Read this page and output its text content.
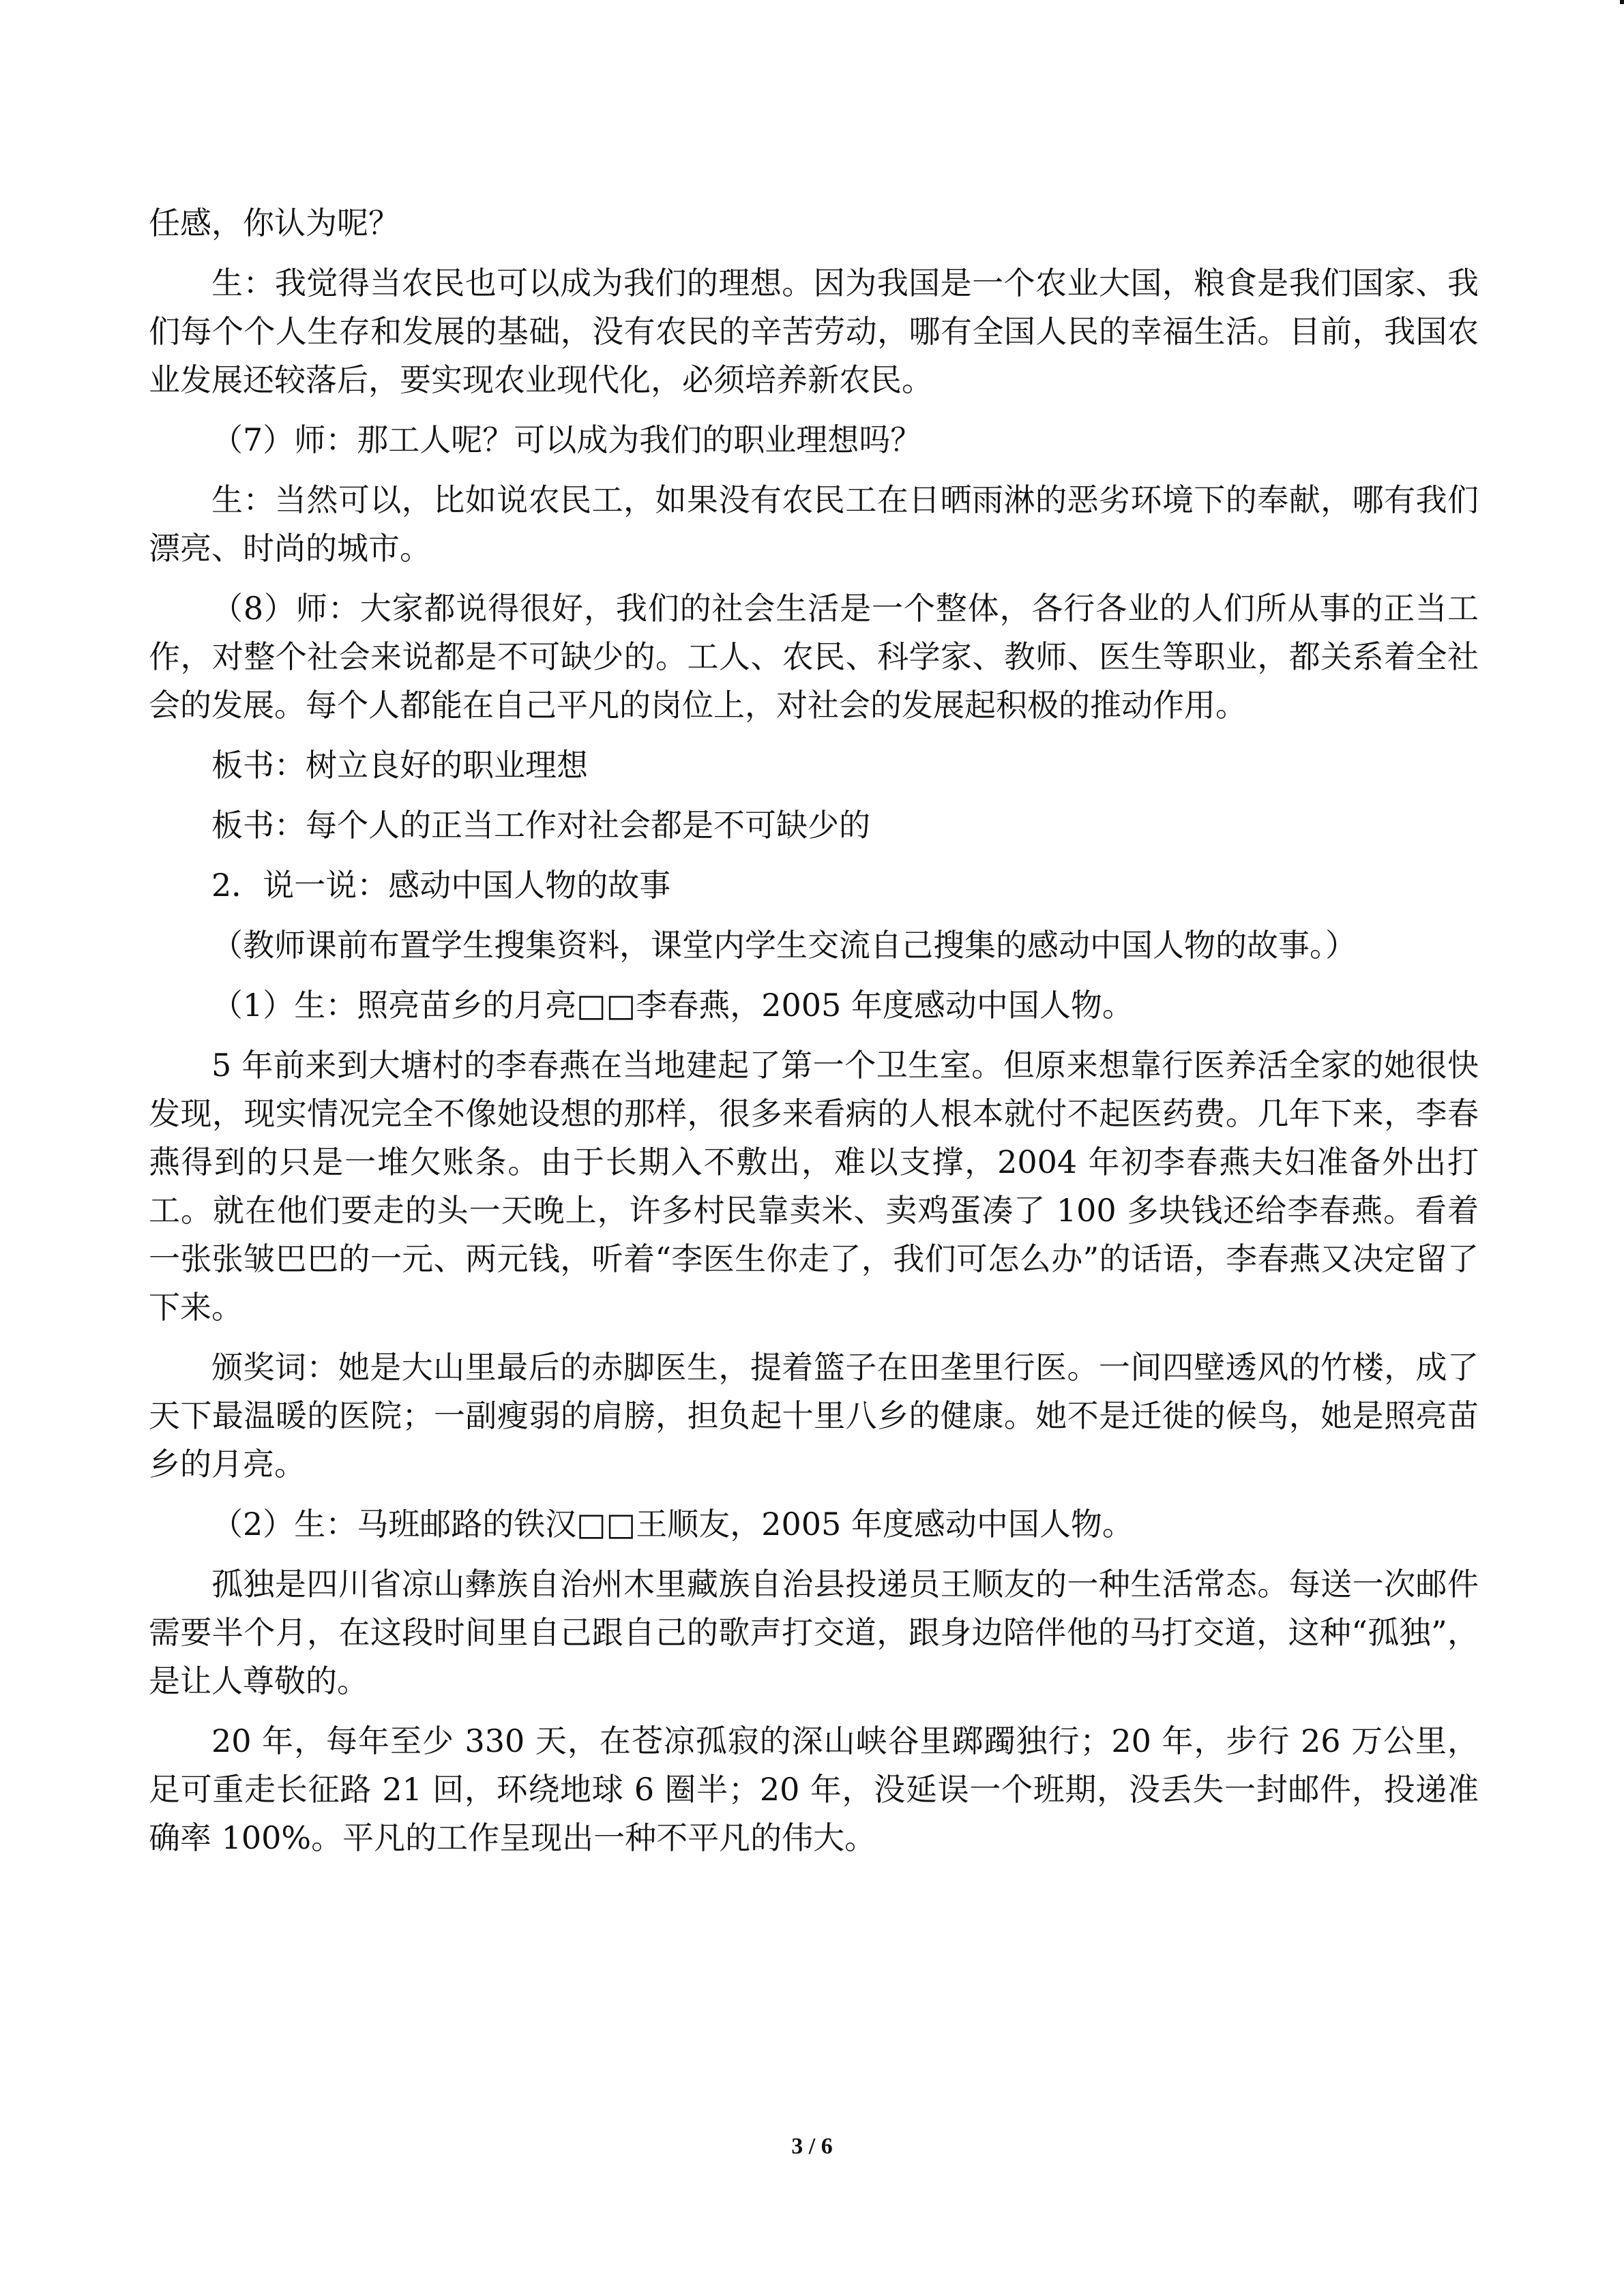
任感，你认为呢？

生：我觉得当农民也可以成为我们的理想。因为我国是一个农业大国，粮食是我们国家、我们每个个人生存和发展的基础，没有农民的辛苦劳动，哪有全国人民的幸福生活。目前，我国农业发展还较落后，要实现农业现代化，必须培养新农民。

（7）师：那工人呢？可以成为我们的职业理想吗？

生：当然可以，比如说农民工，如果没有农民工在日晒雨淋的恶劣环境下的奉献，哪有我们漂亮、时尚的城市。

（8）师：大家都说得很好，我们的社会生活是一个整体，各行各业的人们所从事的正当工作，对整个社会来说都是不可缺少的。工人、农民、科学家、教师、医生等职业，都关系着全社会的发展。每个人都能在自己平凡的岗位上，对社会的发展起积极的推动作用。

板书：树立良好的职业理想

板书：每个人的正当工作对社会都是不可缺少的

2．说一说：感动中国人物的故事

（教师课前布置学生搜集资料，课堂内学生交流自己搜集的感动中国人物的故事。）

（1）生：照亮苗乡的月亮□□李春燕，2005 年度感动中国人物。

5 年前来到大塘村的李春燕在当地建起了第一个卫生室。但原来想靠行医养活全家的她很快发现，现实情况完全不像她设想的那样，很多来看病的人根本就付不起医药费。几年下来，李春燕得到的只是一堆欠账条。由于长期入不敷出，难以支撑，2004 年初李春燕夫妇准备外出打工。就在他们要走的头一天晚上，许多村民靠卖米、卖鸡蛋凑了 100 多块钱还给李春燕。看着一张张皱巴巴的一元、两元钱，听着“李医生你走了，我们可怎么办”的话语，李春燕又决定留了下来。

颁奖词：她是大山里最后的赤脚医生，提着篮子在田垄里行医。一间四壁透风的竹楼，成了天下最温暖的医院；一副瘦弱的肩膀，担负起十里八乡的健康。她不是迁徙的候鸟，她是照亮苗乡的月亮。

（2）生：马班邮路的铁汉□□王顺友，2005 年度感动中国人物。

孤独是四川省凉山彝族自治州木里藏族自治县投递员王顺友的一种生活常态。每送一次邮件需要半个月，在这段时间里自己跟自己的歌声打交道，跟身边陪伴他的马打交道，这种“孤独”，是让人尊敬的。

20 年，每年至少 330 天，在苍凉孤寂的深山峡谷里踯躅独行；20 年，步行 26 万公里，足可重走长征路 21 回，环绕地球 6 圈半；20 年，没延误一个班期，没丢失一封邮件，投递准确率 100%。平凡的工作呈现出一种不平凡的伟大。

3 / 6
